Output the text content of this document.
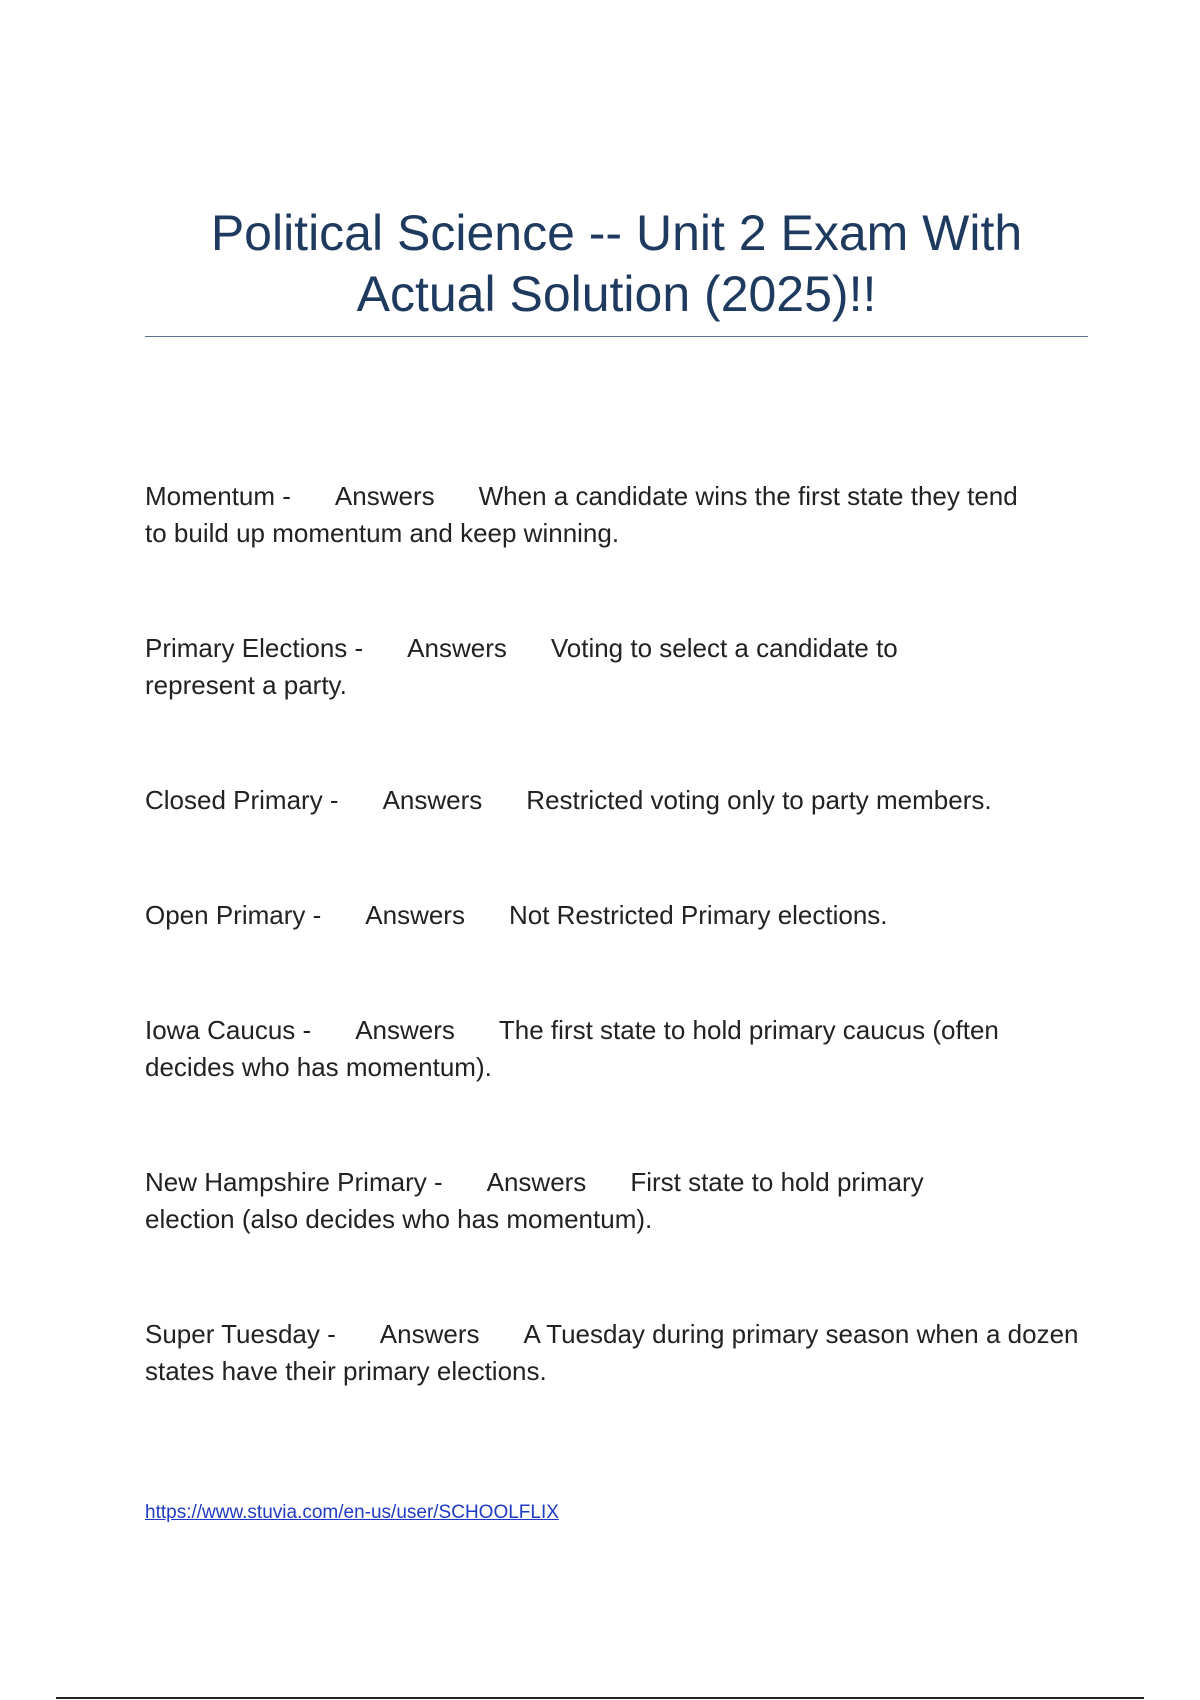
Political Science -- Unit 2 Exam With
Actual Solution (2025)!!

Momentum - Answers When a candidate wins the first state they tend to build up momentum and keep winning.

Primary Elections - Answers Voting to select a candidate to represent a party.

Closed Primary - Answers Restricted voting only to party members.

Open Primary - Answers Not Restricted Primary elections.

Iowa Caucus - Answers The first state to hold primary caucus (often decides who has momentum).

New Hampshire Primary - Answers First state to hold primary election (also decides who has momentum).

Super Tuesday - Answers A Tuesday during primary season when a dozen states have their primary elections.

https://www.stuvia.com/en-us/user/SCHOOLFLIX
